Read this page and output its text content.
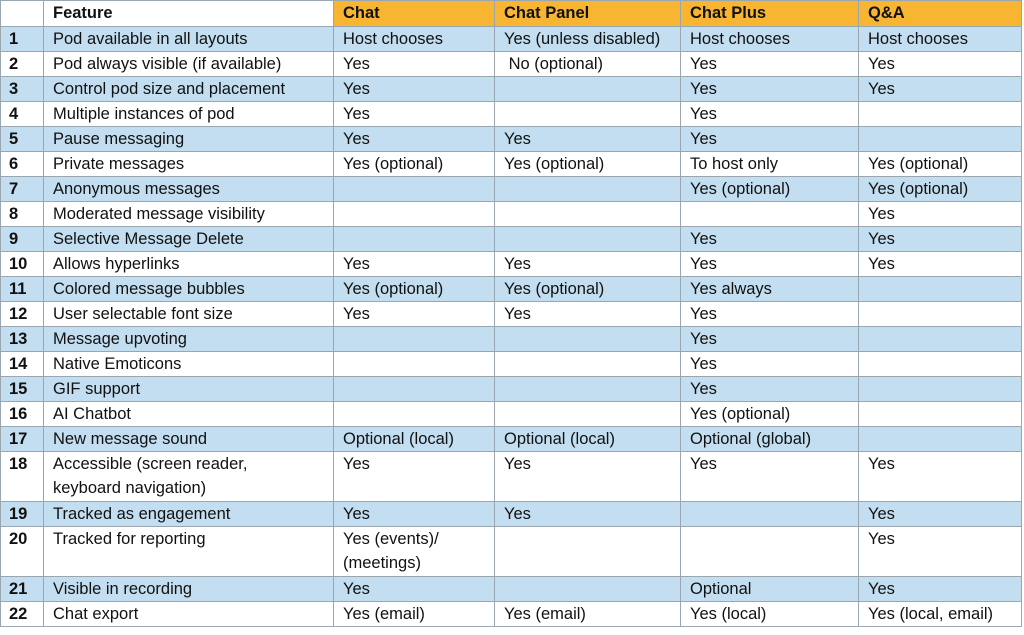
	Feature	Chat	Chat Panel	Chat Plus	Q&A
1	Pod available in all layouts	Host chooses	Yes (unless disabled)	Host chooses	Host chooses
2	Pod always visible (if available)	Yes	No (optional)	Yes	Yes
3	Control pod size and placement	Yes		Yes	Yes
4	Multiple instances of pod	Yes		Yes	
5	Pause messaging	Yes	Yes	Yes	
6	Private messages	Yes (optional)	Yes (optional)	To host only	Yes (optional)
7	Anonymous messages			Yes (optional)	Yes (optional)
8	Moderated message visibility				Yes
9	Selective Message Delete			Yes	Yes
10	Allows hyperlinks	Yes	Yes	Yes	Yes
11	Colored message bubbles	Yes (optional)	Yes (optional)	Yes always	
12	User selectable font size	Yes	Yes	Yes	
13	Message upvoting			Yes	
14	Native Emoticons			Yes	
15	GIF support			Yes	
16	AI Chatbot			Yes (optional)	
17	New message sound	Optional (local)	Optional (local)	Optional (global)	
18	Accessible (screen reader, keyboard navigation)	Yes	Yes	Yes	Yes
19	Tracked as engagement	Yes	Yes		Yes
20	Tracked for reporting	Yes (events)/ (meetings)			Yes
21	Visible in recording	Yes		Optional	Yes
22	Chat export	Yes (email)	Yes (email)	Yes (local)	Yes (local, email)
